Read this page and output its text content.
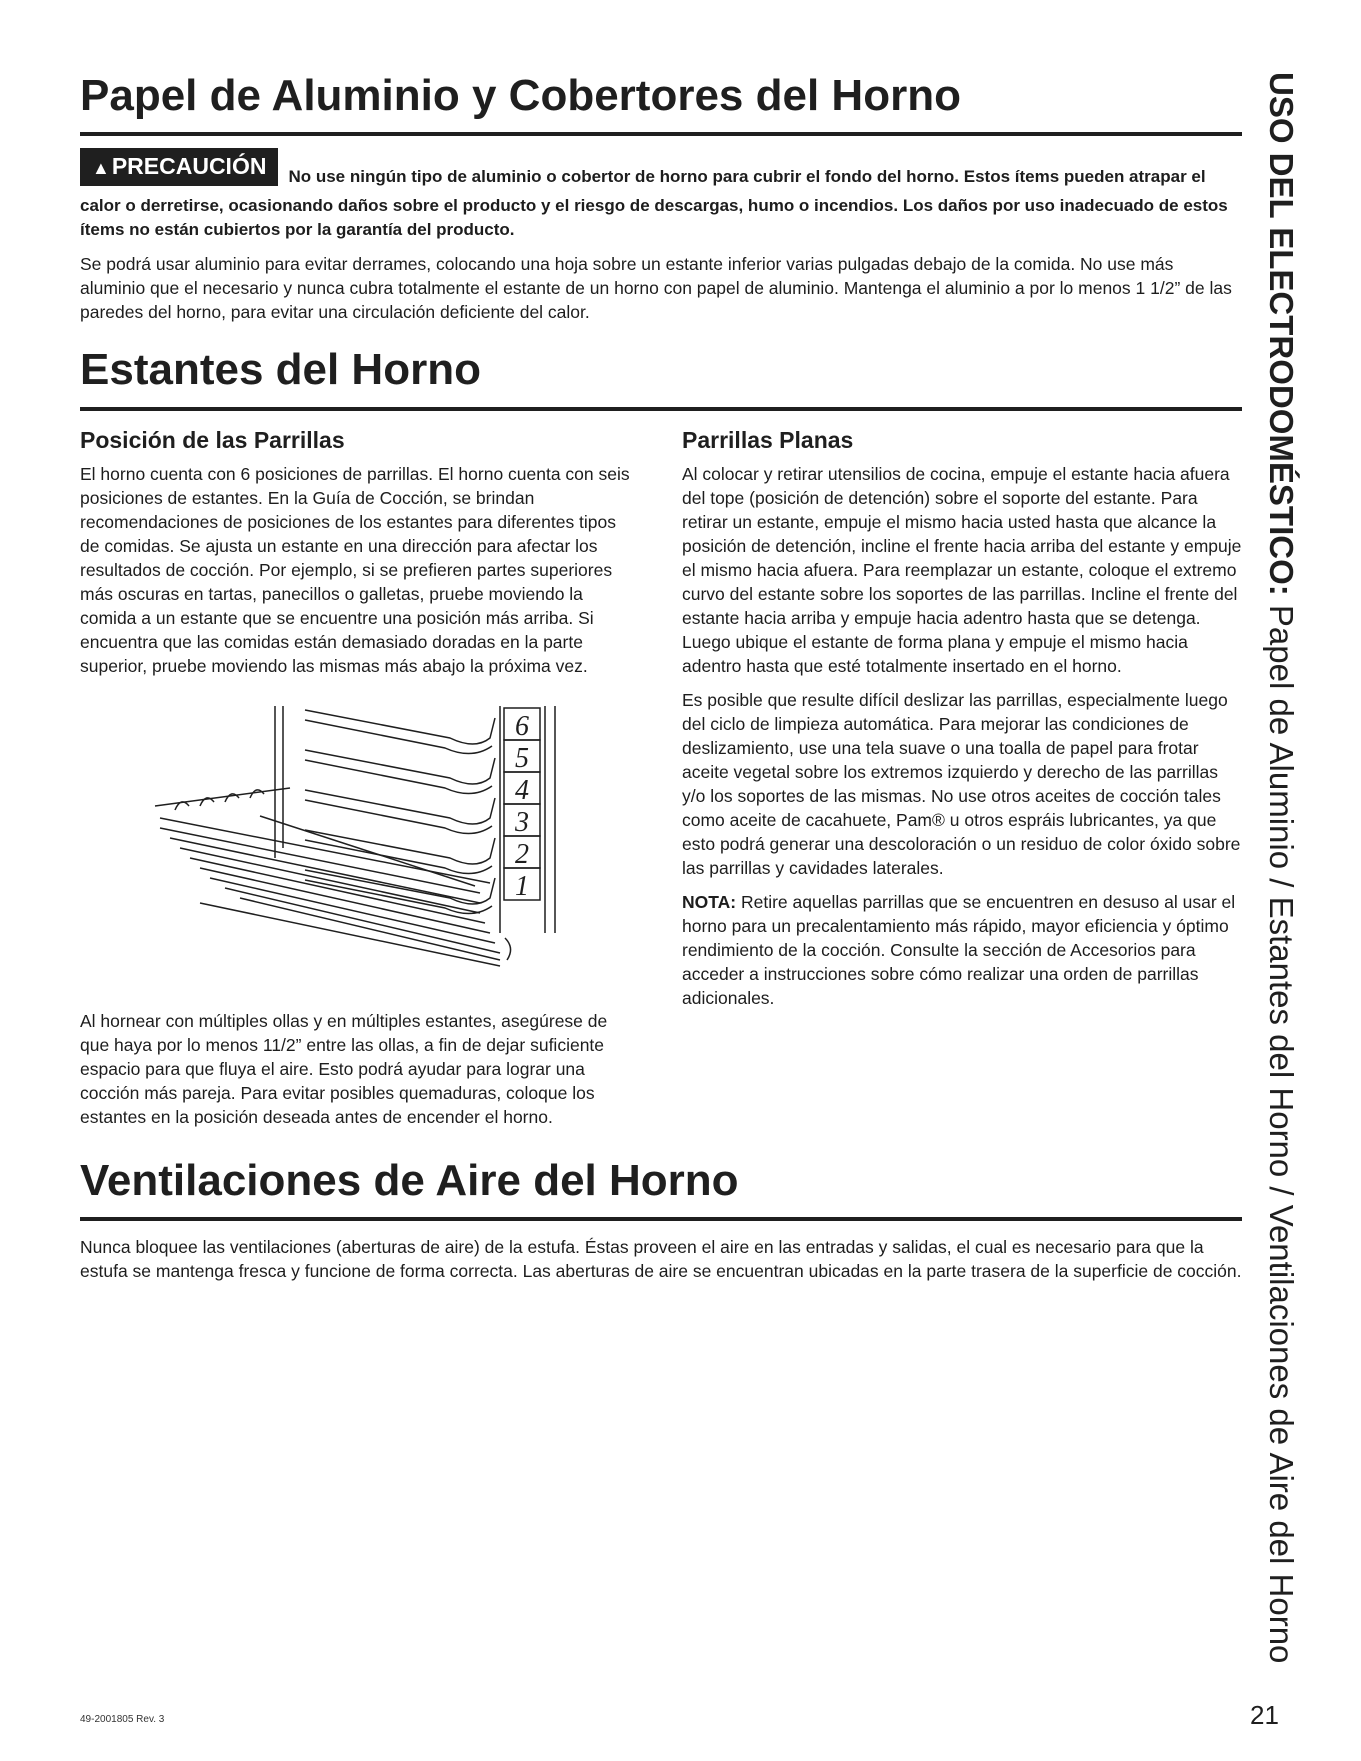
Papel de Aluminio y Cobertores del Horno
▲PRECAUCIÓN No use ningún tipo de aluminio o cobertor de horno para cubrir el fondo del horno. Estos ítems pueden atrapar el calor o derretirse, ocasionando daños sobre el producto y el riesgo de descargas, humo o incendios. Los daños por uso inadecuado de estos ítems no están cubiertos por la garantía del producto.

Se podrá usar aluminio para evitar derrames, colocando una hoja sobre un estante inferior varias pulgadas debajo de la comida. No use más aluminio que el necesario y nunca cubra totalmente el estante de un horno con papel de aluminio. Mantenga el aluminio a por lo menos 1 1/2” de las paredes del horno, para evitar una circulación deficiente del calor.

Estantes del Horno
Posición de las Parrillas

El horno cuenta con 6 posiciones de parrillas. El horno cuenta con seis posiciones de estantes. En la Guía de Cocción, se brindan recomendaciones de posiciones de los estantes para diferentes tipos de comidas. Se ajusta un estante en una dirección para afectar los resultados de cocción. Por ejemplo, si se prefieren partes superiores más oscuras en tartas, panecillos o galletas, pruebe moviendo la comida a un estante que se encuentre una posición más arriba. Si encuentra que las comidas están demasiado doradas en la parte superior, pruebe moviendo las mismas más abajo la próxima vez.

6
5
4
3
2
1

Al hornear con múltiples ollas y en múltiples estantes, asegúrese de que haya por lo menos 11/2” entre las ollas, a fin de dejar suficiente espacio para que fluya el aire. Esto podrá ayudar para lograr una cocción más pareja. Para evitar posibles quemaduras, coloque los estantes en la posición deseada antes de encender el horno.

Parrillas Planas

Al colocar y retirar utensilios de cocina, empuje el estante hacia afuera del tope (posición de detención) sobre el soporte del estante. Para retirar un estante, empuje el mismo hacia usted hasta que alcance la posición de detención, incline el frente hacia arriba del estante y empuje el mismo hacia afuera. Para reemplazar un estante, coloque el extremo curvo del estante sobre los soportes de las parrillas. Incline el frente del estante hacia arriba y empuje hacia adentro hasta que se detenga. Luego ubique el estante de forma plana y empuje el mismo hacia adentro hasta que esté totalmente insertado en el horno.

Es posible que resulte difícil deslizar las parrillas, especialmente luego del ciclo de limpieza automática. Para mejorar las condiciones de deslizamiento, use una tela suave o una toalla de papel para frotar aceite vegetal sobre los extremos izquierdo y derecho de las parrillas y/o los soportes de las mismas. No use otros aceites de cocción tales como aceite de cacahuete, Pam® u otros espráis lubricantes, ya que esto podrá generar una descoloración o un residuo de color óxido sobre las parrillas y cavidades laterales.

NOTA: Retire aquellas parrillas que se encuentren en desuso al usar el horno para un precalentamiento más rápido, mayor eficiencia y óptimo rendimiento de la cocción. Consulte la sección de Accesorios para acceder a instrucciones sobre cómo realizar una orden de parrillas adicionales.

Ventilaciones de Aire del Horno

Nunca bloquee las ventilaciones (aberturas de aire) de la estufa. Éstas proveen el aire en las entradas y salidas, el cual es necesario para que la estufa se mantenga fresca y funcione de forma correcta. Las aberturas de aire se encuentran ubicadas en la parte trasera de la superficie de cocción.

USO DEL ELECTRODOMÉSTICO: Papel de Aluminio / Estantes del Horno / Ventilaciones de Aire del Horno
49-2001805 Rev. 3	21
